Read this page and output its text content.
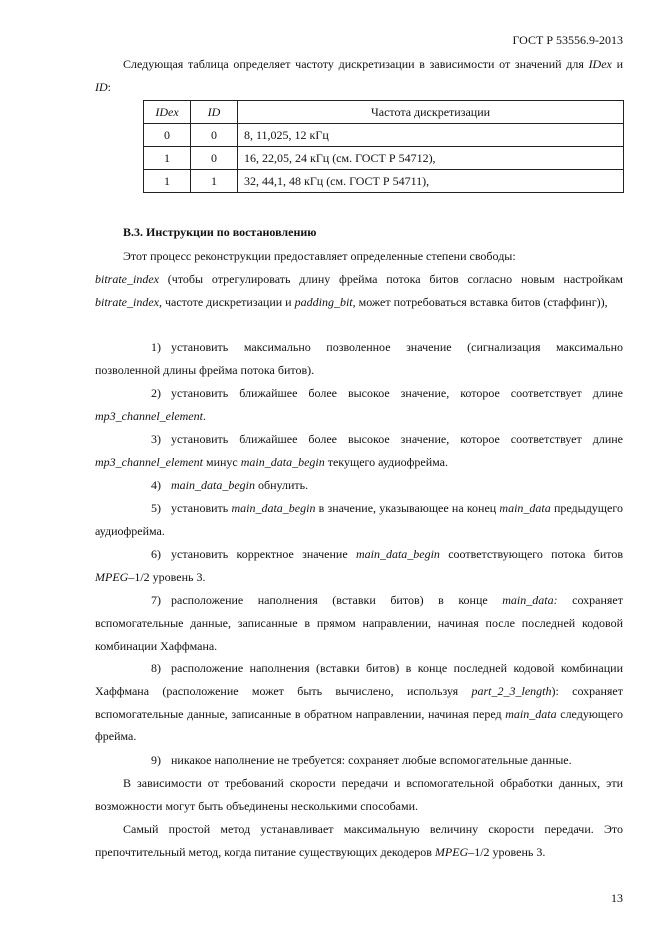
ГОСТ Р 53556.9-2013
Следующая таблица определяет частоту дискретизации в зависимости от значений для IDex и ID:
IDex	ID	Частота дискретизации
0	0	8, 11,025, 12 кГц
1	0	16, 22,05, 24 кГц (см. ГОСТ Р 54712),
1	1	32, 44,1, 48 кГц (см. ГОСТ Р 54711),
В.3. Инструкции по востановлению
Этот процесс реконструкции предоставляет определенные степени свободы:
bitrate_index (чтобы отрегулировать длину фрейма потока битов согласно новым настройкам bitrate_index, частоте дискретизации и padding_bit, может потребоваться вставка битов (стаффинг)),
1) установить максимально позволенное значение (сигнализация максимально позволенной длины фрейма потока битов).
2) установить ближайшее более высокое значение, которое соответствует длине mp3_channel_element.
3) установить ближайшее более высокое значение, которое соответствует длине mp3_channel_element минус main_data_begin текущего аудиофрейма.
4) main_data_begin обнулить.
5) установить main_data_begin в значение, указывающее на конец main_data предыдущего аудиофрейма.
6) установить корректное значение main_data_begin соответствующего потока битов MPEG–1/2 уровень 3.
7) расположение наполнения (вставки битов) в конце main_data: сохраняет вспомогательные данные, записанные в прямом направлении, начиная после последней кодовой комбинации Хаффмана.
8) расположение наполнения (вставки битов) в конце последней кодовой комбинации Хаффмана (расположение может быть вычислено, используя part_2_3_length): сохраняет вспомогательные данные, записанные в обратном направлении, начиная перед main_data следующего фрейма.
9) никакое наполнение не требуется: сохраняет любые вспомогательные данные.
В зависимости от требований скорости передачи и вспомогательной обработки данных, эти возможности могут быть объединены несколькими способами.
Самый простой метод устанавливает максимальную величину скорости передачи. Это препочтительный метод, когда питание существующих декодеров MPEG–1/2 уровень 3.
13
